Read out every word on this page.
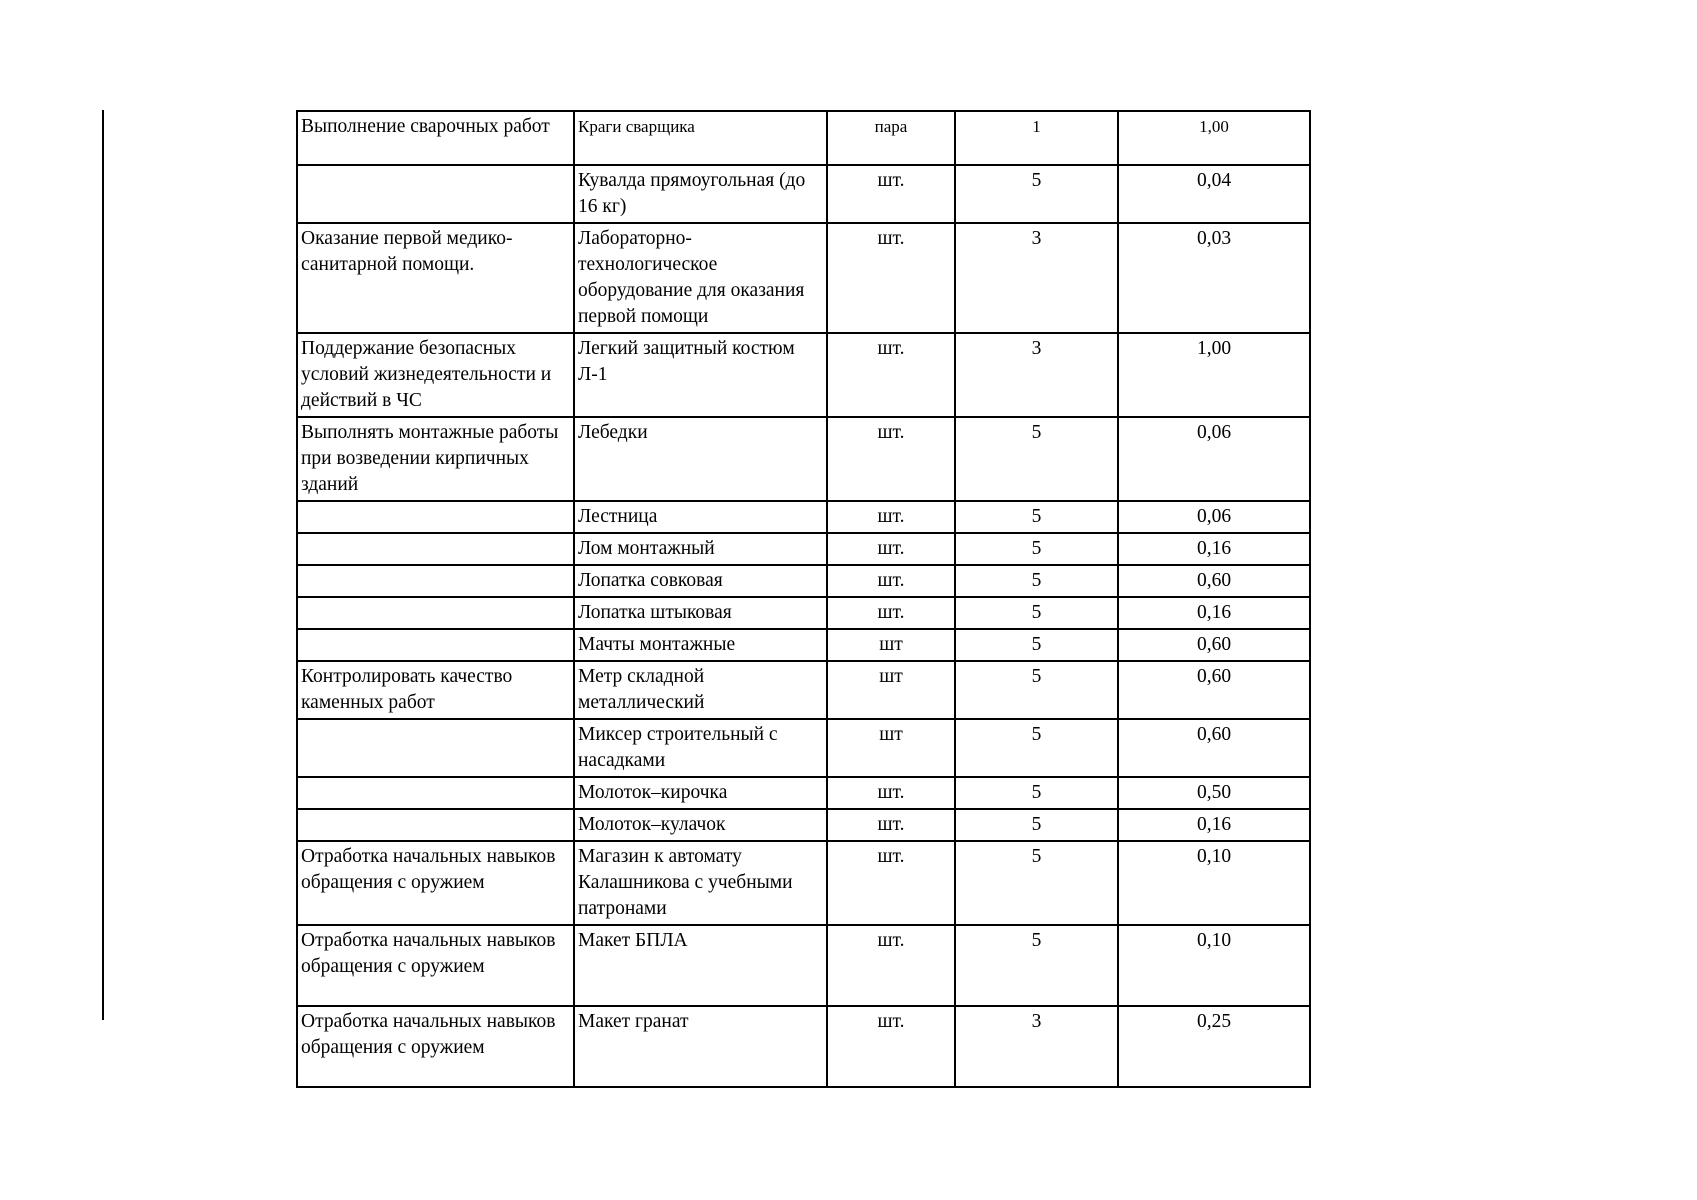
Выполнение сварочных работ	Краги сварщика	пара	1	1,00
	Кувалда прямоугольная (до 16 кг)	шт.	5	0,04
Оказание первой медико-санитарной помощи.	Лабораторно-технологическое оборудование для оказания первой помощи	шт.	3	0,03
Поддержание безопасных условий жизнедеятельности и действий в ЧС	Легкий защитный костюм Л-1	шт.	3	1,00
Выполнять монтажные работы при возведении кирпичных зданий	Лебедки	шт.	5	0,06
	Лестница	шт.	5	0,06
	Лом монтажный	шт.	5	0,16
	Лопатка совковая	шт.	5	0,60
	Лопатка штыковая	шт.	5	0,16
	Мачты монтажные	шт	5	0,60
Контролировать качество каменных работ	Метр складной металлический	шт	5	0,60
	Миксер строительный с насадками	шт	5	0,60
	Молоток–кирочка	шт.	5	0,50
	Молоток–кулачок	шт.	5	0,16
Отработка начальных навыков обращения с оружием	Магазин к автомату Калашникова с учебными патронами	шт.	5	0,10
Отработка начальных навыков обращения с оружием	Макет БПЛА	шт.	5	0,10
Отработка начальных навыков обращения с оружием	Макет гранат	шт.	3	0,25
